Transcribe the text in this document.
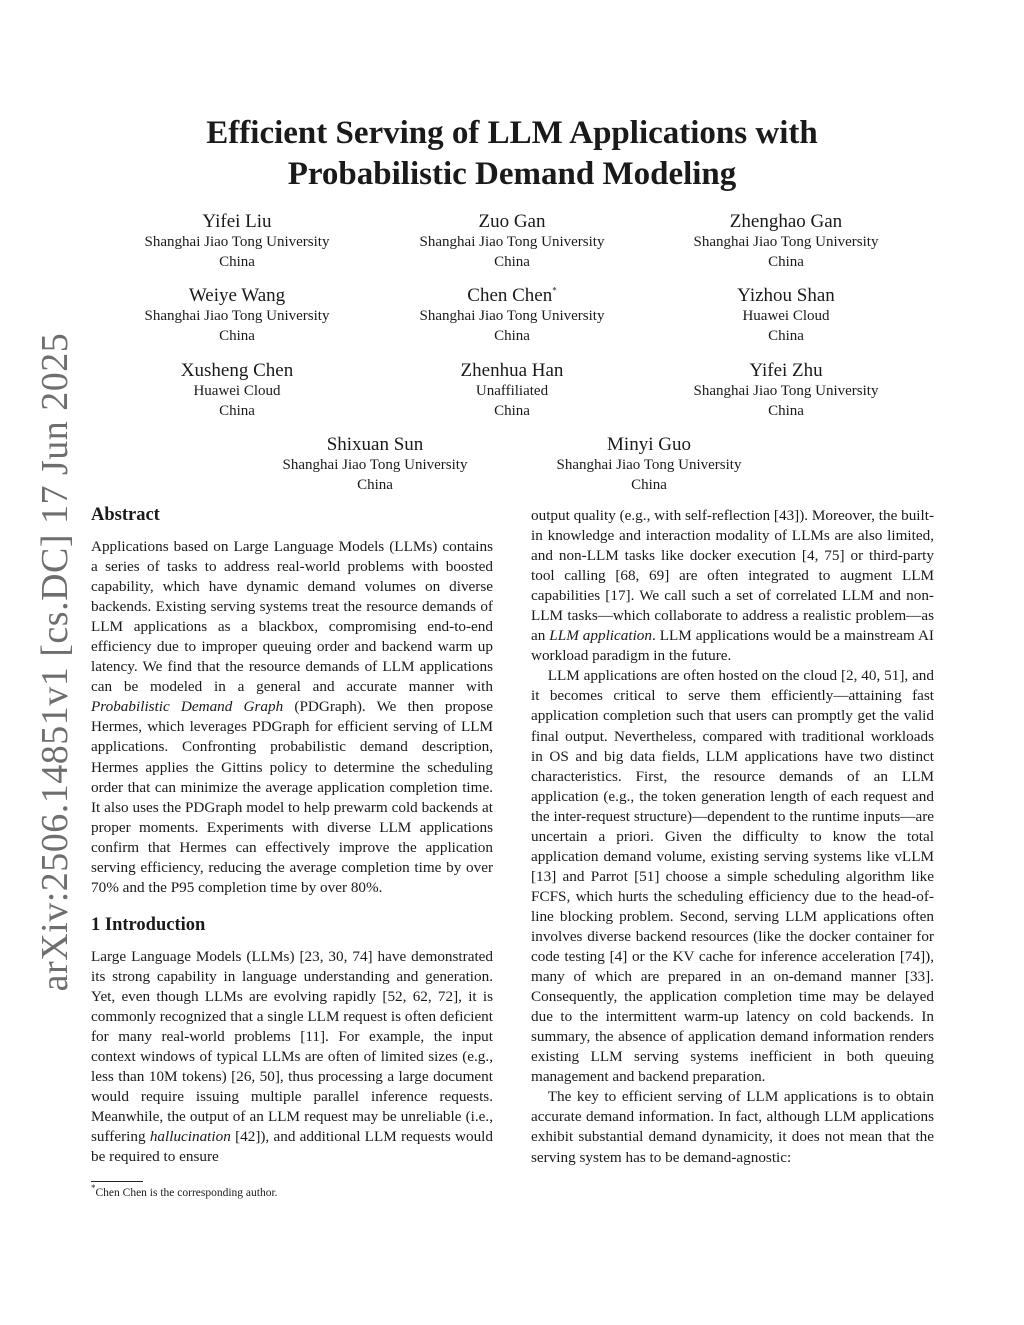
arXiv:2506.14851v1 [cs.DC] 17 Jun 2025
Efficient Serving of LLM Applications with
Probabilistic Demand Modeling
Yifei Liu
Shanghai Jiao Tong University
China
Zuo Gan
Shanghai Jiao Tong University
China
Zhenghao Gan
Shanghai Jiao Tong University
China
Weiye Wang
Shanghai Jiao Tong University
China
Chen Chen*
Shanghai Jiao Tong University
China
Yizhou Shan
Huawei Cloud
China
Xusheng Chen
Huawei Cloud
China
Zhenhua Han
Unaffiliated
China
Yifei Zhu
Shanghai Jiao Tong University
China
Shixuan Sun
Shanghai Jiao Tong University
China
Minyi Guo
Shanghai Jiao Tong University
China
Abstract

Applications based on Large Language Models (LLMs) contains a series of tasks to address real-world problems with boosted capability, which have dynamic demand volumes on diverse backends. Existing serving systems treat the resource demands of LLM applications as a blackbox, compromising end-to-end efficiency due to improper queuing order and backend warm up latency. We find that the resource demands of LLM applications can be modeled in a general and accurate manner with Probabilistic Demand Graph (PDGraph). We then propose Hermes, which leverages PDGraph for efficient serving of LLM applications. Confronting probabilistic demand description, Hermes applies the Gittins policy to determine the scheduling order that can minimize the average application completion time. It also uses the PDGraph model to help prewarm cold backends at proper moments. Experiments with diverse LLM applications confirm that Hermes can effectively improve the application serving efficiency, reducing the average completion time by over 70% and the P95 completion time by over 80%.

1 Introduction

Large Language Models (LLMs) [23, 30, 74] have demonstrated its strong capability in language understanding and generation. Yet, even though LLMs are evolving rapidly [52, 62, 72], it is commonly recognized that a single LLM request is often deficient for many real-world problems [11]. For example, the input context windows of typical LLMs are often of limited sizes (e.g., less than 10M tokens) [26, 50], thus processing a large document would require issuing multiple parallel inference requests. Meanwhile, the output of an LLM request may be unreliable (i.e., suffering hallucination [42]), and additional LLM requests would be required to ensure

output quality (e.g., with self-reflection [43]). Moreover, the built-in knowledge and interaction modality of LLMs are also limited, and non-LLM tasks like docker execution [4, 75] or third-party tool calling [68, 69] are often integrated to augment LLM capabilities [17]. We call such a set of correlated LLM and non-LLM tasks—which collaborate to address a realistic problem—as an LLM application. LLM applications would be a mainstream AI workload paradigm in the future.

LLM applications are often hosted on the cloud [2, 40, 51], and it becomes critical to serve them efficiently—attaining fast application completion such that users can promptly get the valid final output. Nevertheless, compared with traditional workloads in OS and big data fields, LLM applications have two distinct characteristics. First, the resource demands of an LLM application (e.g., the token generation length of each request and the inter-request structure)—dependent to the runtime inputs—are uncertain a priori. Given the difficulty to know the total application demand volume, existing serving systems like vLLM [13] and Parrot [51] choose a simple scheduling algorithm like FCFS, which hurts the scheduling efficiency due to the head-of-line blocking problem. Second, serving LLM applications often involves diverse backend resources (like the docker container for code testing [4] or the KV cache for inference acceleration [74]), many of which are prepared in an on-demand manner [33]. Consequently, the application completion time may be delayed due to the intermittent warm-up latency on cold backends. In summary, the absence of application demand information renders existing LLM serving systems inefficient in both queuing management and backend preparation.

The key to efficient serving of LLM applications is to obtain accurate demand information. In fact, although LLM applications exhibit substantial demand dynamicity, it does not mean that the serving system has to be demand-agnostic:

*Chen Chen is the corresponding author.
